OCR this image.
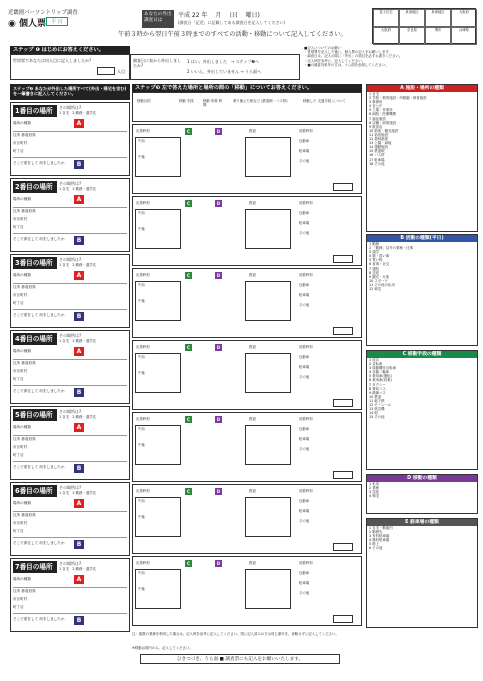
近畿圏パーソントリップ調査
◉ 個人票	平 日
あなたの外出調査日は
平成 22 年　 月　 日(　 曜日)
(調査日「記述」に記載してある調査日を記入してください)
午前３時から翌日午前３時までのすべての活動・移動について記入してください。
富士住宅	泉南地区	泉南地区	大阪府
大阪府	奈良県	堺市	兵庫県
ステップ ❶ はじめにお答えください。
世帯票であなたは何人目に記入しましたか?
人目
調査日に家から外出しましたか?
1 はい、外出しました　→ ステップ❷へ
2 いいえ、外出していません → うら面へ
■記入についてのお願い
・世帯票を記入した後に、個人票の記入をお願いします。
・調査日は、記入の際に「外出」の項目を必ずお書きください。
・記入例を参考に、記入してください。
・■の調査対象外の方は、うら面を参照してください。
ステップ❷ あなたが外出した場所すべて(外出・帰宅を含む)を一筆書きに記入してください。
ステップ❸ 左で答えた場所と場所の間の「移動」についてお答えください。
移動目的	移動 手段	移動 所要 時間
乗り換えた駅など (鉄道駅・バス停)	移動した 交通手段 について
1番目の場所	その場所は?
1 自宅　2 勤務・通学先
場所の種類	A
住所 都道府県
市区町村
町丁目
そこで滞在して 何をしましたか	B
2番目の場所	その場所は?
1 自宅　2 勤務・通学先
場所の種類	A
住所 都道府県
市区町村
町丁目
そこで滞在して 何をしましたか	B
3番目の場所	その場所は?
1 自宅　2 勤務・通学先
場所の種類	A
住所 都道府県
市区町村
町丁目
そこで滞在して 何をしましたか	B
4番目の場所	その場所は?
1 自宅　2 勤務・通学先
場所の種類	A
住所 都道府県
市区町村
町丁目
そこで滞在して 何をしましたか	B
5番目の場所	その場所は?
1 自宅　2 勤務・通学先
場所の種類	A
住所 都道府県
市区町村
町丁目
そこで滞在して 何をしましたか	B
6番目の場所	その場所は?
1 自宅　2 勤務・通学先
場所の種類	A
住所 都道府県
市区町村
町丁目
そこで滞在して 何をしましたか	B
7番目の場所	その場所は?
1 自宅　2 勤務・通学先
場所の種類	A
住所 都道府県
市区町村
町丁目
そこで滞在して 何をしましたか	B
出発時刻
午前
午後
C	D	鉄道	到着時刻
自動車
駐車場
その他
出発時刻
午前
午後
C	D	鉄道	到着時刻
自動車
駐車場
その他
出発時刻
午前
午後
C	D	鉄道	到着時刻
自動車
駐車場
その他
出発時刻
午前
午後
C	D	鉄道	到着時刻
自動車
駐車場
その他
出発時刻
午前
午後
C	D	鉄道	到着時刻
自動車
駐車場
その他
出発時刻
午前
午後
C	D	鉄道	到着時刻
自動車
駐車場
その他
出発時刻
午前
午後
C	D	鉄道	到着時刻
自動車
駐車場
その他
A 施設・場所の種類
1 自宅
2 学校・教育施設・幼稚園・保育施設
3 事務所
4 官公庁
5 工場・作業所
6 病院・医療機関
7 福祉施設
8 店舗・商業施設
9 飲食店
10 娯楽・観光施設
11 宿泊施設
12 農林漁業
13 公園・緑地
14 運動施設
15 鉄道駅
16 バス停
17 駐車場
18 その他
B 活動の種類(平日)
1 勤務
2 「勤務」以外の業務・仕事
3 通学
4 塾・習い事
5 買い物
6 食事・社交
7 通院
8 送迎
9 観光・行楽
10 スポーツ
11 その他の私用
12 帰宅
C 移動手段の種類
1 徒歩
2 自転車
3 原動機付自転車
4 自動二輪車
5 乗用車(運転)
6 乗用車(同乗)
7 タクシー
8 貸切バス
9 路線バス
10 鉄道
11 地下鉄
12 モノレール
13 航空機
14 船
15 その他
D 移動の種類
1 私用
2 業務
3 送迎
4 帰宅
E 駐車場の種類
1 自宅・敷地内
2 勤務先
3 有料駐車場
4 無料駐車場
5 路上
6 その他
注：複数の業務を利用した場合は、記入例を参考に記入してください。図に記入済みの方は同じ番号を、省略せずに記入してください。
※移動は国内のみ、記入してください。
ひきつづき、うら面 ■ 調査票にも記入をお願いいたします。
